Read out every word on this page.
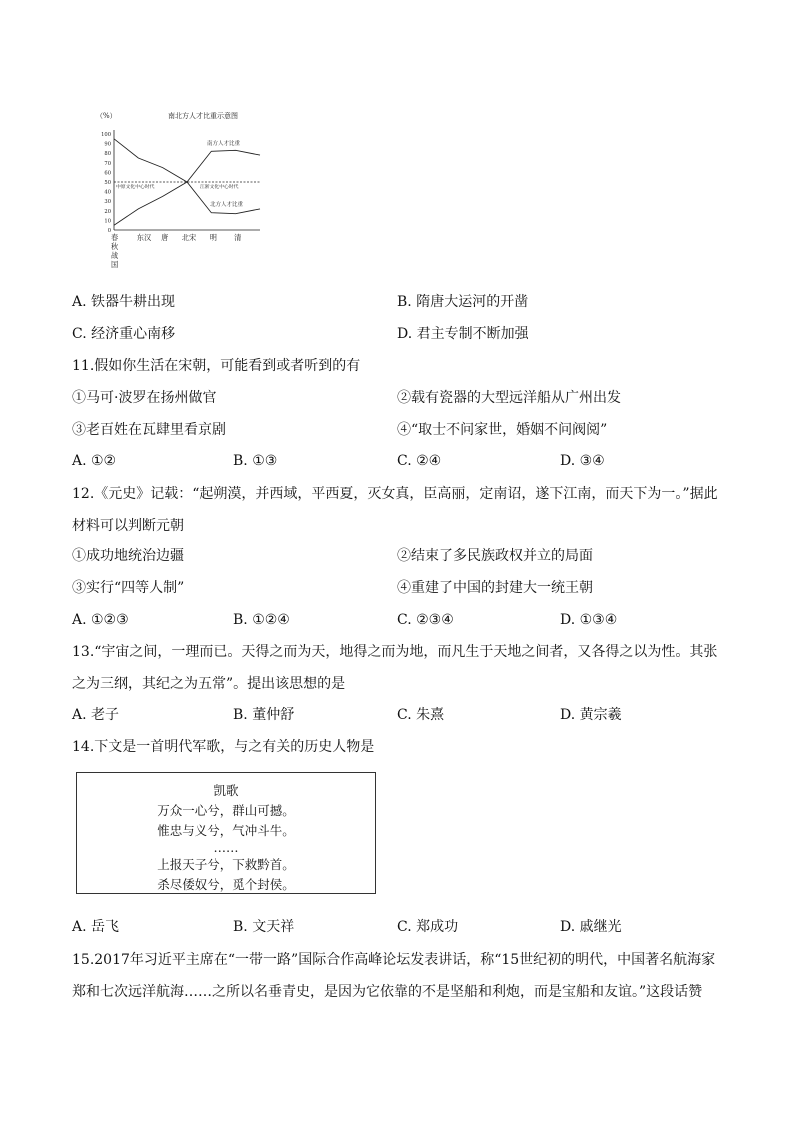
（%）	南北方人才比重示意图
0
10
20
30
40
50
60
70
80
90
100
春秋战国
东汉 唐 北宋 明 清
南方人才比重
北方人才比重
中原文化中心时代	江浙文化中心时代
A. 铁器牛耕出现	B. 隋唐大运河的开凿
C. 经济重心南移	D. 君主专制不断加强
11.假如你生活在宋朝，可能看到或者听到的有
①马可·波罗在扬州做官	②载有瓷器的大型远洋船从广州出发
③老百姓在瓦肆里看京剧	④“取士不问家世，婚姻不问阀阅”
A. ①②	B. ①③	C. ②④	D. ③④
12.《元史》记载：“起朔漠，并西域，平西夏，灭女真，臣高丽，定南诏，遂下江南，而天下为一。”据此材料可以判断元朝
①成功地统治边疆	②结束了多民族政权并立的局面
③实行“四等人制”	④重建了中国的封建大一统王朝
A. ①②③	B. ①②④	C. ②③④	D. ①③④
13.“宇宙之间，一理而已。天得之而为天，地得之而为地，而凡生于天地之间者，又各得之以为性。其张之为三纲，其纪之为五常”。提出该思想的是
A. 老子	B. 董仲舒	C. 朱熹	D. 黄宗羲
14.下文是一首明代军歌，与之有关的历史人物是
凯歌
万众一心兮，群山可撼。
惟忠与义兮，气冲斗牛。
……
上报天子兮，下救黔首。
杀尽倭奴兮，觅个封侯。
A. 岳飞	B. 文天祥	C. 郑成功	D. 戚继光
15.2017年习近平主席在“一带一路”国际合作高峰论坛发表讲话，称“15世纪初的明代，中国著名航海家郑和七次远洋航海……之所以名垂青史，是因为它依靠的不是坚船和利炮，而是宝船和友谊。”这段话赞
